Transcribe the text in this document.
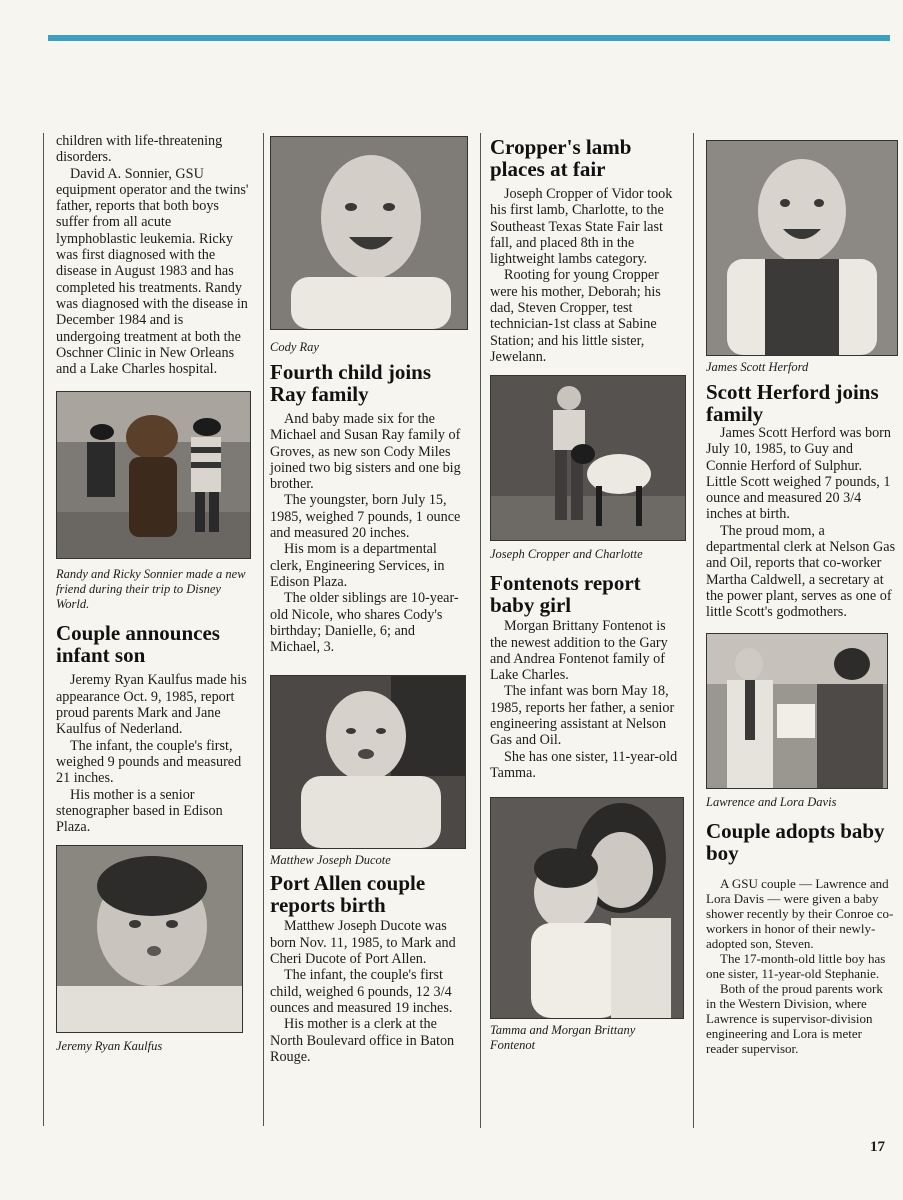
children with life-threatening disorders.

David A. Sonnier, GSU equipment operator and the twins' father, reports that both boys suffer from all acute lymphoblastic leukemia. Ricky was first diagnosed with the disease in August 1983 and has completed his treatments. Randy was diagnosed with the disease in December 1984 and is undergoing treatment at both the Oschner Clinic in New Orleans and a Lake Charles hospital.

Randy and Ricky Sonnier made a new friend during their trip to Disney World.

Couple announces infant son

Jeremy Ryan Kaulfus made his appearance Oct. 9, 1985, report proud parents Mark and Jane Kaulfus of Nederland.

The infant, the couple's first, weighed 9 pounds and measured 21 inches.

His mother is a senior stenographer based in Edison Plaza.

Jeremy Ryan Kaulfus

Cody Ray

Fourth child joins Ray family

And baby made six for the Michael and Susan Ray family of Groves, as new son Cody Miles joined two big sisters and one big brother.

The youngster, born July 15, 1985, weighed 7 pounds, 1 ounce and measured 20 inches.

His mom is a departmental clerk, Engineering Services, in Edison Plaza.

The older siblings are 10-year-old Nicole, who shares Cody's birthday; Danielle, 6; and Michael, 3.

Matthew Joseph Ducote

Port Allen couple reports birth

Matthew Joseph Ducote was born Nov. 11, 1985, to Mark and Cheri Ducote of Port Allen.

The infant, the couple's first child, weighed 6 pounds, 12 3/4 ounces and measured 19 inches.

His mother is a clerk at the North Boulevard office in Baton Rouge.

Cropper's lamb places at fair

Joseph Cropper of Vidor took his first lamb, Charlotte, to the Southeast Texas State Fair last fall, and placed 8th in the lightweight lambs category.

Rooting for young Cropper were his mother, Deborah; his dad, Steven Cropper, test technician-1st class at Sabine Station; and his little sister, Jewelann.

Joseph Cropper and Charlotte

Fontenots report baby girl

Morgan Brittany Fontenot is the newest addition to the Gary and Andrea Fontenot family of Lake Charles.

The infant was born May 18, 1985, reports her father, a senior engineering assistant at Nelson Gas and Oil.

She has one sister, 11-year-old Tamma.

Tamma and Morgan Brittany Fontenot

James Scott Herford

Scott Herford joins family

James Scott Herford was born July 10, 1985, to Guy and Connie Herford of Sulphur. Little Scott weighed 7 pounds, 1 ounce and measured 20 3/4 inches at birth.

The proud mom, a departmental clerk at Nelson Gas and Oil, reports that co-worker Martha Caldwell, a secretary at the power plant, serves as one of little Scott's godmothers.

Lawrence and Lora Davis

Couple adopts baby boy

A GSU couple — Lawrence and Lora Davis — were given a baby shower recently by their Conroe co-workers in honor of their newly-adopted son, Steven.

The 17-month-old little boy has one sister, 11-year-old Stephanie.

Both of the proud parents work in the Western Division, where Lawrence is supervisor-division engineering and Lora is meter reader supervisor.

17
